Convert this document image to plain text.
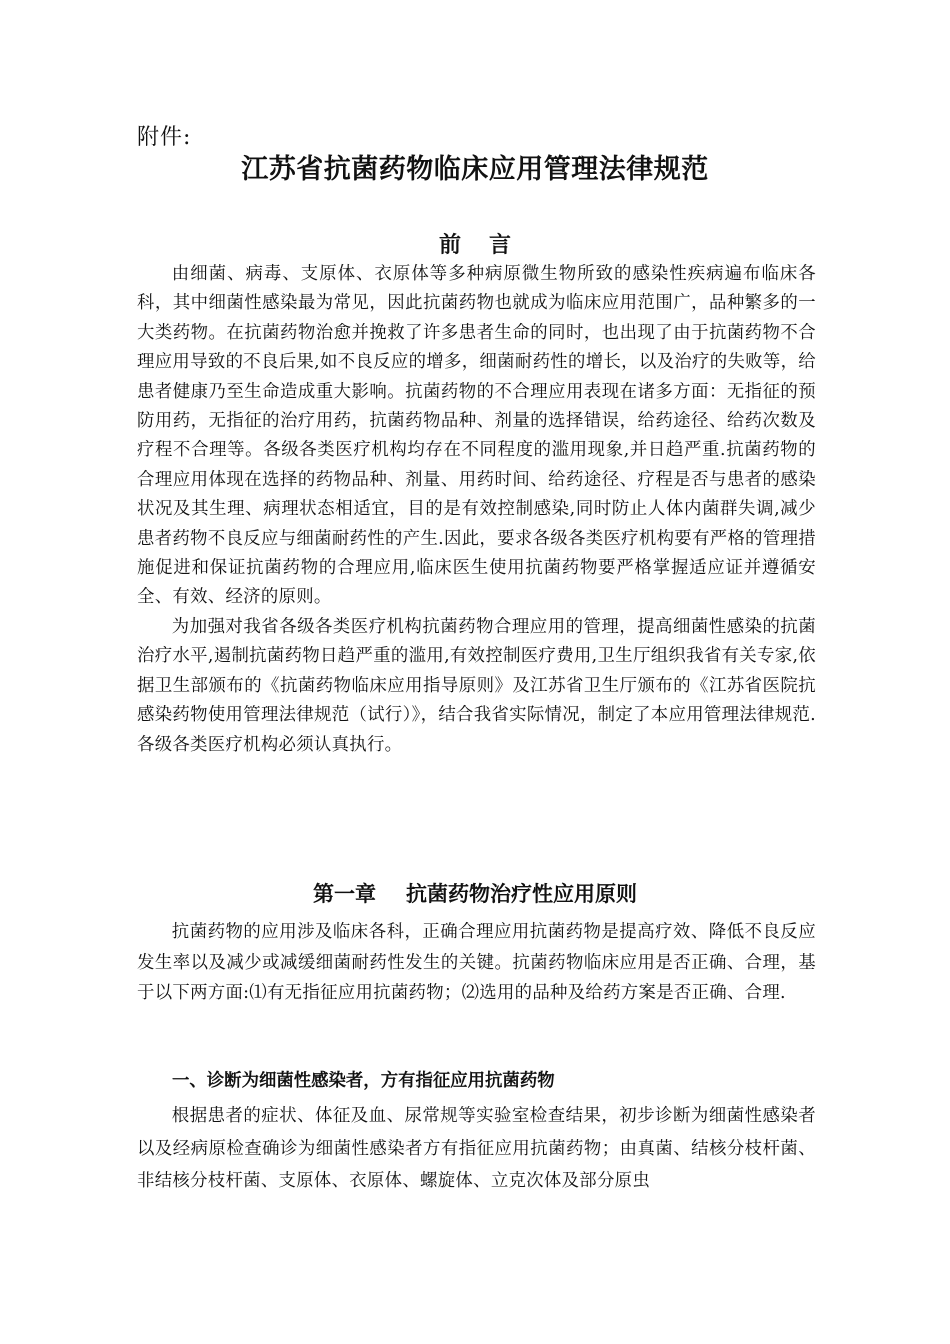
附件:
江苏省抗菌药物临床应用管理法律规范
前言

由细菌、病毒、支原体、衣原体等多种病原微生物所致的感染性疾病遍布临床各科，其中细菌性感染最为常见，因此抗菌药物也就成为临床应用范围广，品种繁多的一大类药物。在抗菌药物治愈并挽救了许多患者生命的同时，也出现了由于抗菌药物不合理应用导致的不良后果,如不良反应的增多，细菌耐药性的增长，以及治疗的失败等，给患者健康乃至生命造成重大影响。抗菌药物的不合理应用表现在诸多方面：无指征的预防用药，无指征的治疗用药，抗菌药物品种、剂量的选择错误，给药途径、给药次数及疗程不合理等。各级各类医疗机构均存在不同程度的滥用现象,并日趋严重.抗菌药物的合理应用体现在选择的药物品种、剂量、用药时间、给药途径、疗程是否与患者的感染状况及其生理、病理状态相适宜，目的是有效控制感染,同时防止人体内菌群失调,减少患者药物不良反应与细菌耐药性的产生.因此，要求各级各类医疗机构要有严格的管理措施促进和保证抗菌药物的合理应用,临床医生使用抗菌药物要严格掌握适应证并遵循安全、有效、经济的原则。

为加强对我省各级各类医疗机构抗菌药物合理应用的管理，提高细菌性感染的抗菌治疗水平,遏制抗菌药物日趋严重的滥用,有效控制医疗费用,卫生厅组织我省有关专家,依据卫生部颁布的《抗菌药物临床应用指导原则》及江苏省卫生厅颁布的《江苏省医院抗感染药物使用管理法律规范（试行）》，结合我省实际情况，制定了本应用管理法律规范.各级各类医疗机构必须认真执行。

第一章 抗菌药物治疗性应用原则

抗菌药物的应用涉及临床各科，正确合理应用抗菌药物是提高疗效、降低不良反应发生率以及减少或减缓细菌耐药性发生的关键。抗菌药物临床应用是否正确、合理，基于以下两方面:⑴有无指征应用抗菌药物；⑵选用的品种及给药方案是否正确、合理.

一、诊断为细菌性感染者，方有指征应用抗菌药物

根据患者的症状、体征及血、尿常规等实验室检查结果，初步诊断为细菌性感染者以及经病原检查确诊为细菌性感染者方有指征应用抗菌药物；由真菌、结核分枝杆菌、非结核分枝杆菌、支原体、衣原体、螺旋体、立克次体及部分原虫
